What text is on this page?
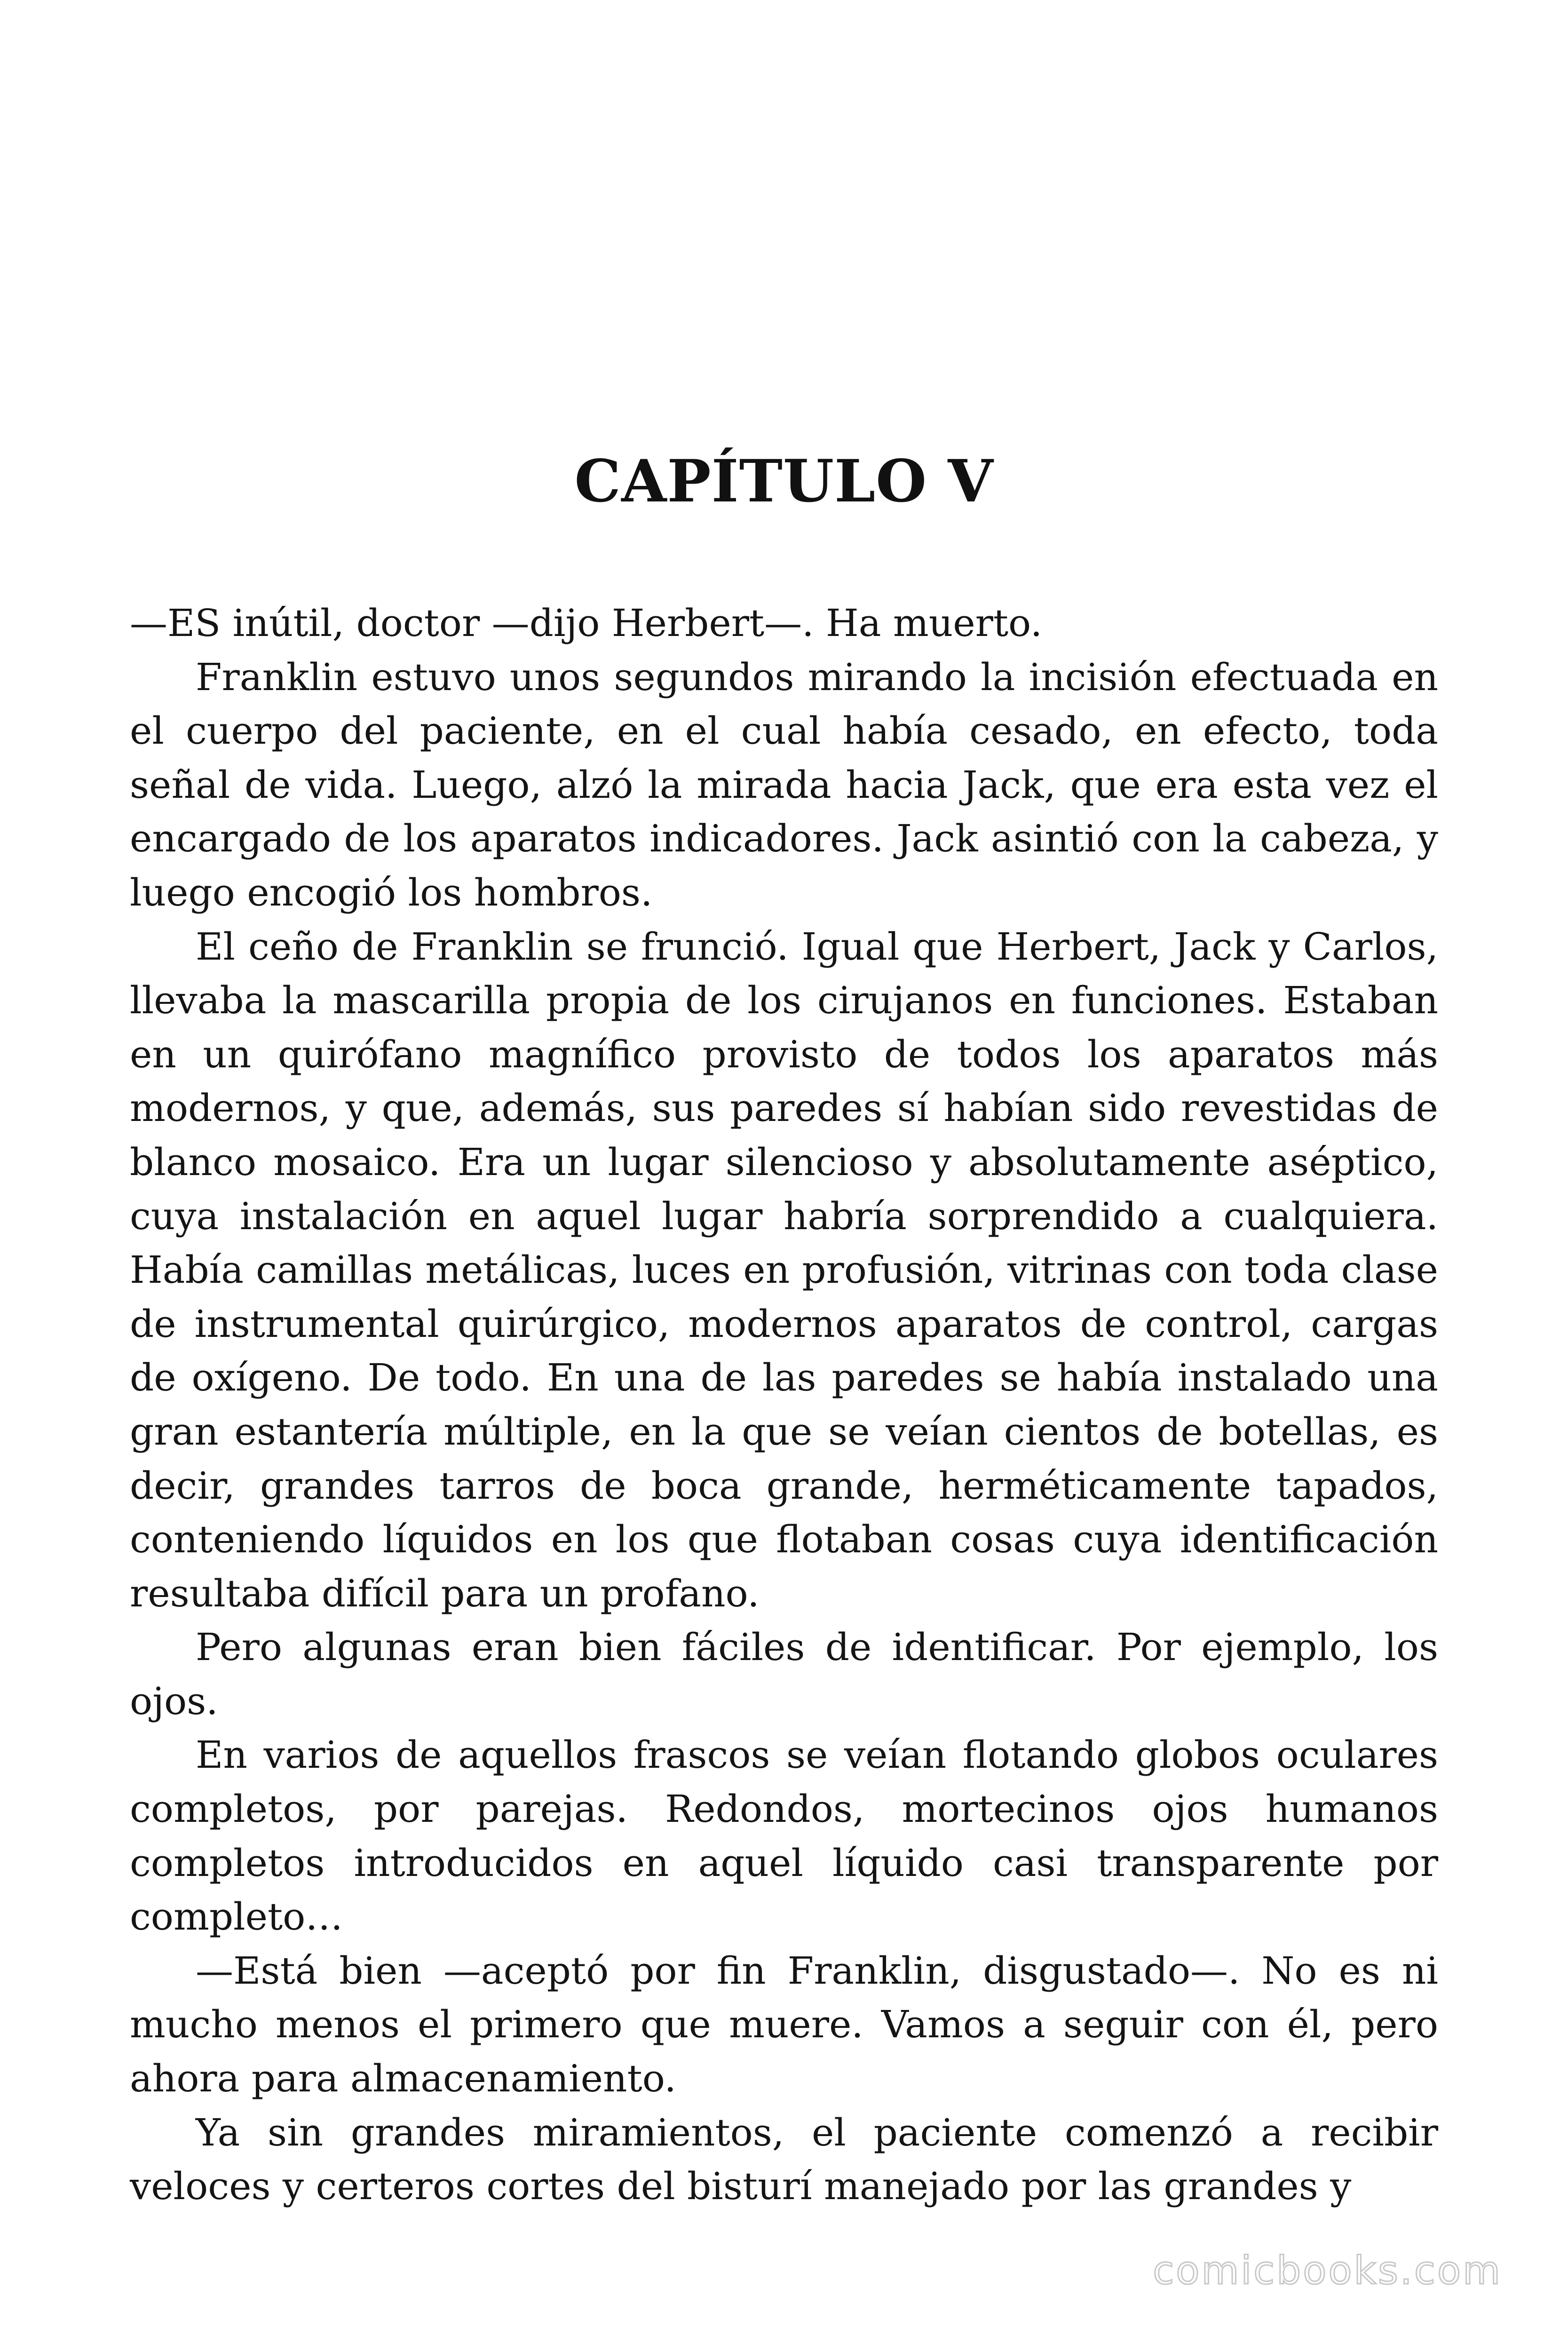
CAPÍTULO V

—ES inútil, doctor —dijo Herbert—. Ha muerto.

Franklin estuvo unos segundos mirando la incisión efectuada en el cuerpo del paciente, en el cual había cesado, en efecto, toda señal de vida. Luego, alzó la mirada hacia Jack, que era esta vez el encargado de los aparatos indicadores. Jack asintió con la cabeza, y luego encogió los hombros.

El ceño de Franklin se frunció. Igual que Herbert, Jack y Carlos, llevaba la mascarilla propia de los cirujanos en funciones. Estaban en un quirófano magnífico provisto de todos los aparatos más modernos, y que, además, sus paredes sí habían sido revestidas de blanco mosaico. Era un lugar silencioso y absolutamente aséptico, cuya instalación en aquel lugar habría sorprendido a cualquiera. Había camillas metálicas, luces en profusión, vitrinas con toda clase de instrumental quirúrgico, modernos aparatos de control, cargas de oxígeno. De todo. En una de las paredes se había instalado una gran estantería múltiple, en la que se veían cientos de botellas, es decir, grandes tarros de boca grande, herméticamente tapados, conteniendo líquidos en los que flotaban cosas cuya identificación resultaba difícil para un profano.

Pero algunas eran bien fáciles de identificar. Por ejemplo, los ojos.

En varios de aquellos frascos se veían flotando globos oculares completos, por parejas. Redondos, mortecinos ojos humanos completos introducidos en aquel líquido casi transparente por completo…

—Está bien —aceptó por fin Franklin, disgustado—. No es ni mucho menos el primero que muere. Vamos a seguir con él, pero ahora para almacenamiento.

Ya sin grandes miramientos, el paciente comenzó a recibir veloces y certeros cortes del bisturí manejado por las grandes y

comicbooks.com
